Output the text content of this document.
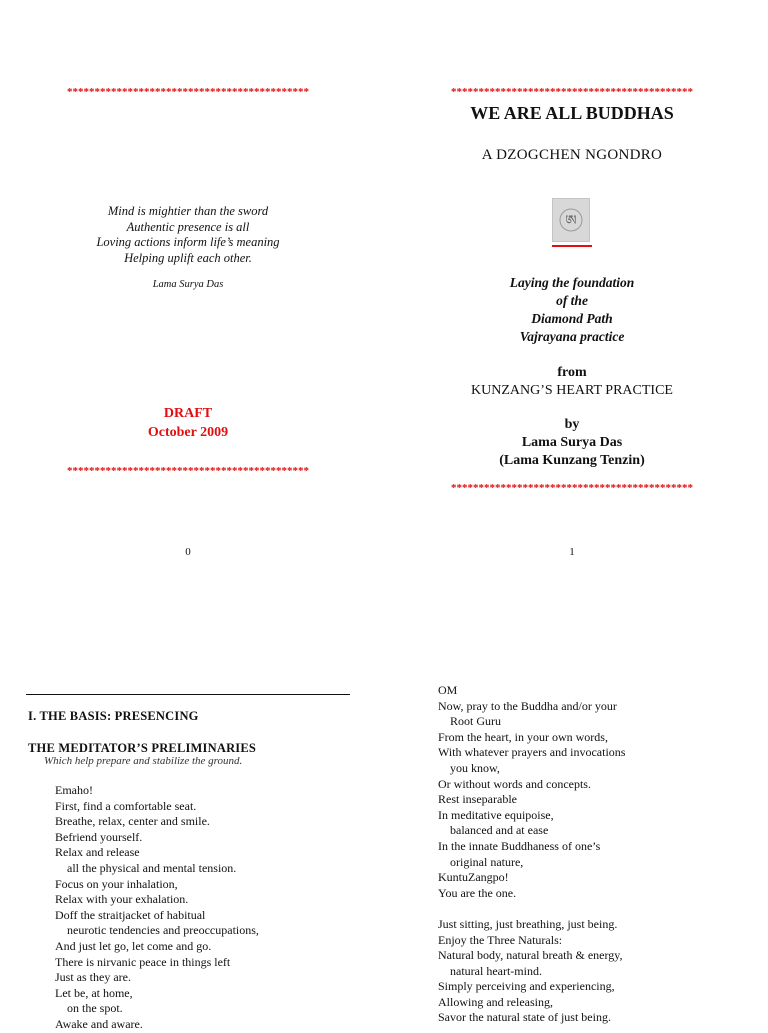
********************************************
Mind is mightier than the sword
Authentic presence is all
Loving actions inform life’s meaning
Helping uplift each other.
Lama Surya Das
DRAFT
October 2009
********************************************
0
********************************************
WE ARE ALL BUDDHAS
A DZOGCHEN NGONDRO
ཨ
Laying the foundation
of the
Diamond Path
Vajrayana practice
from
KUNZANG’S HEART PRACTICE
by
Lama Surya Das
(Lama Kunzang Tenzin)
********************************************
1
I. THE BASIS: PRESENCING
THE MEDITATOR’S PRELIMINARIES
Which help prepare and stabilize the ground.
Emaho!
First, find a comfortable seat.
Breathe, relax, center and smile.
Befriend yourself.
Relax and release
all the physical and mental tension.
Focus on your inhalation,
Relax with your exhalation.
Doff the straitjacket of habitual
neurotic tendencies and preoccupations,
And just let go, let come and go.
There is nirvanic peace in things left
Just as they are.
Let be, at home,
on the spot.
Awake and aware.
OM
Now, pray to the Buddha and/or your
Root Guru
From the heart, in your own words,
With whatever prayers and invocations
you know,
Or without words and concepts.
Rest inseparable
In meditative equipoise,
balanced and at ease
In the innate Buddhaness of one’s
original nature,
KuntuZangpo!
You are the one.
Just sitting, just breathing, just being.
Enjoy the Three Naturals:
Natural body, natural breath & energy,
natural heart-mind.
Simply perceiving and experiencing,
Allowing and releasing,
Savor the natural state of just being.
